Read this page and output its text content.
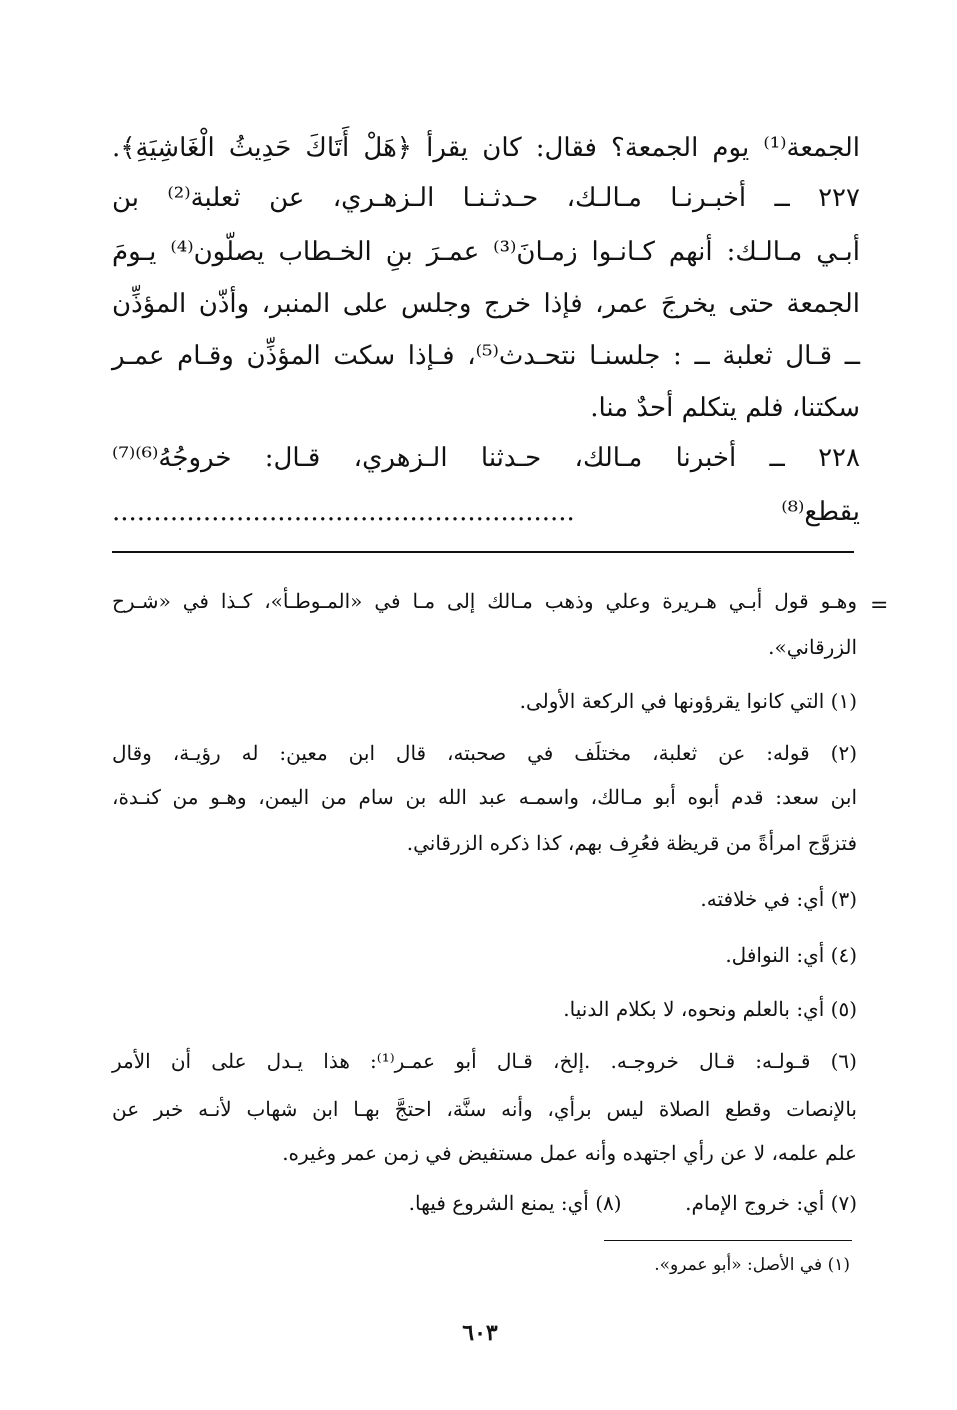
الجمعة⁽¹⁾ يوم الجمعة؟ فقال: كان يقرأ ﴿هَلْ أَتَاكَ حَدِيثُ الْغَاشِيَةِ﴾.
٢٢٧ ــ أخبـرنـا مـالـك، حـدثـنـا الـزهـري، عن ثعلبة⁽²⁾ بن
أبـي مـالـك: أنهم كـانـوا زمـانَ⁽³⁾ عمـرَ بنِ الخـطاب يصلّون⁽⁴⁾ يـومَ
الجمعة حتى يخرجَ عمر، فإذا خرج وجلس على المنبر، وأذّن المؤذِّن
ــ قـال ثعلبة ــ : جلسنـا نتحـدث⁽⁵⁾، فـإذا سكت المؤذِّن وقـام عمـر
سكتنا، فلم يتكلم أحدٌ منا.
٢٢٨ ــ أخبرنا مـالك، حـدثنا الـزهري، قـال: خروجُهُ⁽⁶⁾⁽⁷⁾
يقطع⁽⁸⁾ ........................................................
=
وهـو قول أبـي هـريرة وعلي وذهب مـالك إلى مـا في «المـوطـأ»، كـذا في «شـرح
الزرقاني».
(١) التي كانوا يقرؤونها في الركعة الأولى.
(٢) قوله: عن ثعلبة، مختلَف في صحبته، قال ابن معين: له رؤيـة، وقال
ابن سعد: قدم أبوه أبو مـالك، واسمـه عبد الله بن سام من اليمن، وهـو من كنـدة،
فتزوَّج امرأةً من قريظة فعُرِف بهم، كذا ذكره الزرقاني.
(٣) أي: في خلافته.
(٤) أي: النوافل.
(٥) أي: بالعلم ونحوه، لا بكلام الدنيا.
(٦) قـولـه: قـال خروجـه. .إلخ، قـال أبو عمـر⁽¹⁾: هذا يـدل على أن الأمر
بالإنصات وقطع الصلاة ليس برأي، وأنه سنَّة، احتجَّ بهـا ابن شهاب لأنـه خبر عن
علم علمه، لا عن رأي اجتهده وأنه عمل مستفيض في زمن عمر وغيره.
(٧) أي: خروج الإمام.          (٨) أي: يمنع الشروع فيها.
(١) في الأصل: «أبو عمرو».
٦٠٣
